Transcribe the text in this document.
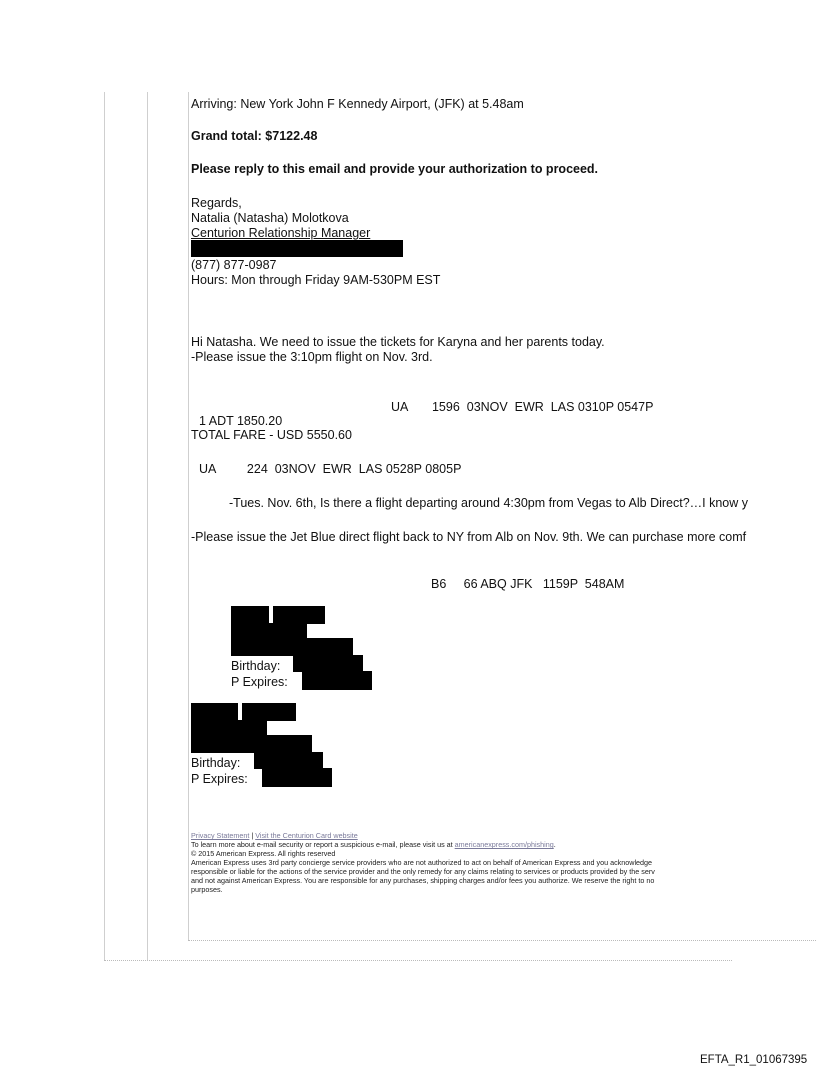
Arriving: New York John F Kennedy Airport, (JFK) at 5.48am
Grand total: $7122.48
Please reply to this email and provide your authorization to proceed.
Regards,
Natalia (Natasha) Molotkova
Centurion Relationship Manager
(877) 877-0987
Hours: Mon through Friday 9AM-530PM EST
Hi Natasha. We need to issue the tickets for Karyna and her parents today.
-Please issue the 3:10pm flight on Nov. 3rd.
UA       1596  03NOV  EWR  LAS 0310P 0547P
1 ADT 1850.20
TOTAL FARE - USD 5550.60
UA         224  03NOV  EWR  LAS 0528P 0805P
-Tues. Nov. 6th, Is there a flight departing around 4:30pm from Vegas to Alb Direct?…I know y
-Please issue the Jet Blue direct flight back to NY from Alb on Nov. 9th. We can purchase more comf
B6     66 ABQ JFK   1159P  548AM
Birthday:
P Expires:
Birthday:
P Expires:
Privacy Statement | Visit the Centurion Card website
To learn more about e-mail security or report a suspicious e-mail, please visit us at americanexpress.com/phishing.
© 2015 American Express. All rights reserved
American Express uses 3rd party concierge service providers who are not authorized to act on behalf of American Express and you acknowledge
responsible or liable for the actions of the service provider and the only remedy for any claims relating to services or products provided by the serv
and not against American Express. You are responsible for any purchases, shipping charges and/or fees you authorize. We reserve the right to no
purposes.
EFTA_R1_01067395
